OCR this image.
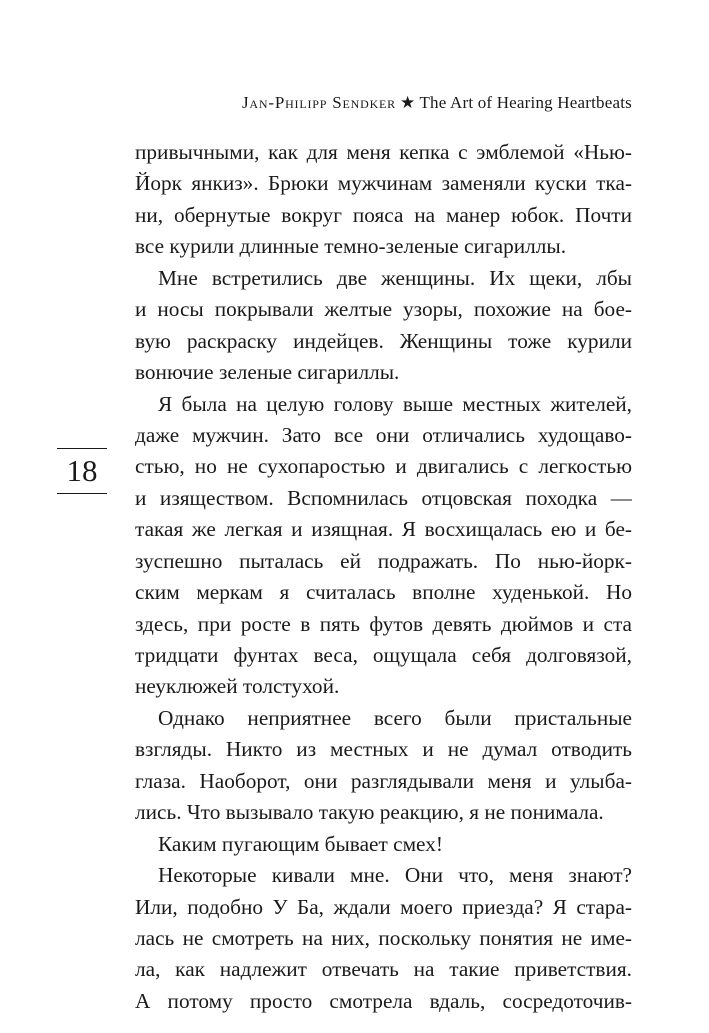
Jan-Philipp Sendker ★ The Art of Hearing Heartbeats
18
привычными, как для меня кепка с эмблемой «Нью-
Йорк янкиз». Брюки мужчинам заменяли куски тка-
ни, обернутые вокруг пояса на манер юбок. Почти
все курили длинные темно-зеленые сигариллы.
Мне встретились две женщины. Их щеки, лбы
и носы покрывали желтые узоры, похожие на бое-
вую раскраску индейцев. Женщины тоже курили
вонючие зеленые сигариллы.
Я была на целую голову выше местных жителей,
даже мужчин. Зато все они отличались худощаво-
стью, но не сухопаростью и двигались с легкостью
и изяществом. Вспомнилась отцовская походка —
такая же легкая и изящная. Я восхищалась ею и бе-
зуспешно пыталась ей подражать. По нью-йорк-
ским меркам я считалась вполне худенькой. Но
здесь, при росте в пять футов девять дюймов и ста
тридцати фунтах веса, ощущала себя долговязой,
неуклюжей толстухой.
Однако неприятнее всего были пристальные
взгляды. Никто из местных и не думал отводить
глаза. Наоборот, они разглядывали меня и улыба-
лись. Что вызывало такую реакцию, я не понимала.
Каким пугающим бывает смех!
Некоторые кивали мне. Они что, меня знают?
Или, подобно У Ба, ждали моего приезда? Я стара-
лась не смотреть на них, поскольку понятия не име-
ла, как надлежит отвечать на такие приветствия.
А потому просто смотрела вдаль, сосредоточив-
